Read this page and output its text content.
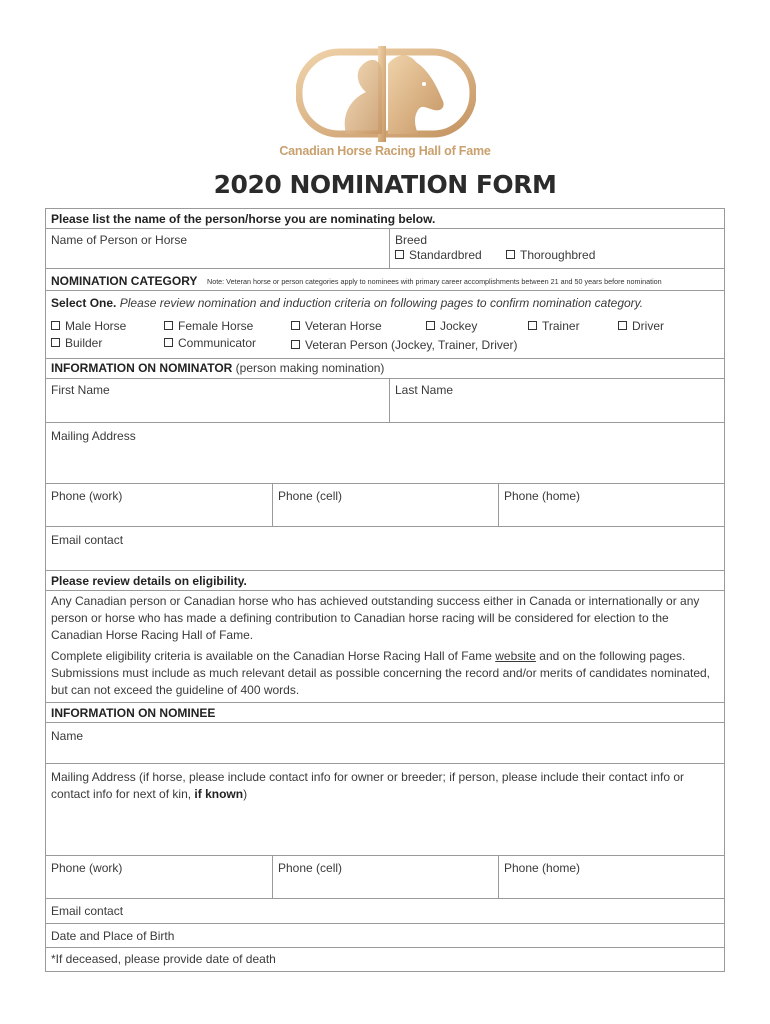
Canadian Horse Racing Hall of Fame
2020 NOMINATION FORM
Please list the name of the person/horse you are nominating below.
Name of Person or Horse	Breed
Standardbred	Thoroughbred
NOMINATION CATEGORY Note: Veteran horse or person categories apply to nominees with primary career accomplishments between 21 and 50 years before nomination
Select One. Please review nomination and induction criteria on following pages to confirm nomination category.
Male Horse	Female Horse	Veteran Horse	Jockey	Trainer	Driver
Builder	Communicator	Veteran Person (Jockey, Trainer, Driver)
INFORMATION ON NOMINATOR (person making nomination)
First Name	Last Name
Mailing Address
Phone (work)	Phone (cell)	Phone (home)
Email contact
Please review details on eligibility.

Any Canadian person or Canadian horse who has achieved outstanding success either in Canada or internationally or any person or horse who has made a defining contribution to Canadian horse racing will be considered for election to the Canadian Horse Racing Hall of Fame.

Complete eligibility criteria is available on the Canadian Horse Racing Hall of Fame website and on the following pages. Submissions must include as much relevant detail as possible concerning the record and/or merits of candidates nominated, but can not exceed the guideline of 400 words.

INFORMATION ON NOMINEE
Name
Mailing Address (if horse, please include contact info for owner or breeder; if person, please include their contact info or contact info for next of kin, if known)
Phone (work)	Phone (cell)	Phone (home)
Email contact
Date and Place of Birth
*If deceased, please provide date of death
